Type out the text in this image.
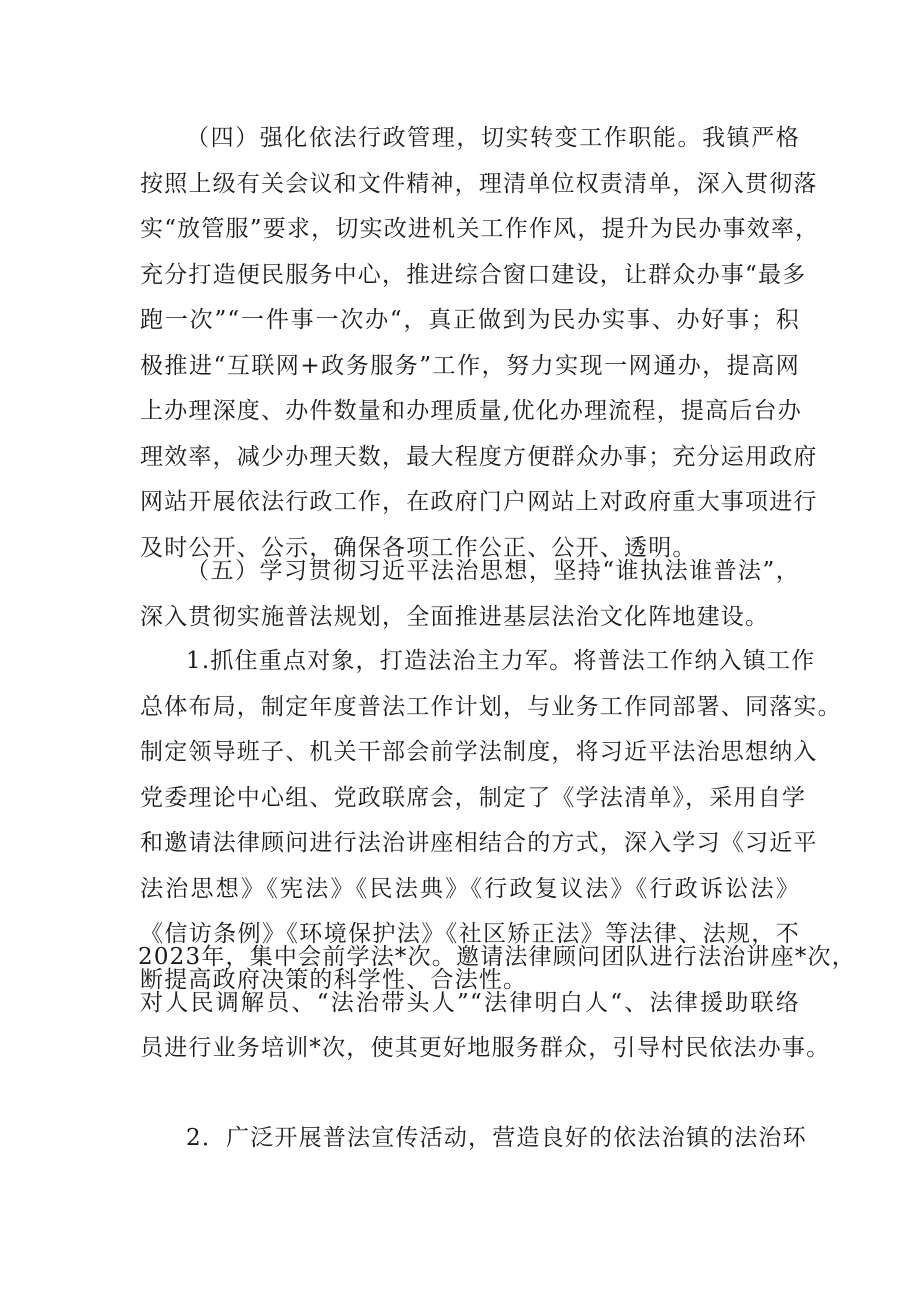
（四）强化依法行政管理，切实转变工作职能。我镇严格
按照上级有关会议和文件精神，理清单位权责清单，深入贯彻落
实“放管服”要求，切实改进机关工作作风，提升为民办事效率，
充分打造便民服务中心，推进综合窗口建设，让群众办事“最多
跑一次”“一件事一次办“，真正做到为民办实事、办好事；积
极推进“互联网+政务服务”工作，努力实现一网通办，提高网
上办理深度、办件数量和办理质量,优化办理流程，提高后台办
理效率，减少办理天数，最大程度方便群众办事；充分运用政府
网站开展依法行政工作，在政府门户网站上对政府重大事项进行
及时公开、公示，确保各项工作公正、公开、透明。
（五）学习贯彻习近平法治思想，坚持“谁执法谁普法”，
深入贯彻实施普法规划，全面推进基层法治文化阵地建设。
1.抓住重点对象，打造法治主力军。将普法工作纳入镇工作
总体布局，制定年度普法工作计划，与业务工作同部署、同落实。
制定领导班子、机关干部会前学法制度，将习近平法治思想纳入
党委理论中心组、党政联席会，制定了《学法清单》，采用自学
和邀请法律顾问进行法治讲座相结合的方式，深入学习《习近平
法治思想》《宪法》《民法典》《行政复议法》《行政诉讼法》
《信访条例》《环境保护法》《社区矫正法》等法律、法规，不
断提高政府决策的科学性、合法性。
2023年，集中会前学法*次。邀请法律顾问团队进行法治讲座*次，
对人民调解员、“法治带头人”“法律明白人“、法律援助联络
员进行业务培训*次，使其更好地服务群众，引导村民依法办事。
2．广泛开展普法宣传活动，营造良好的依法治镇的法治环
